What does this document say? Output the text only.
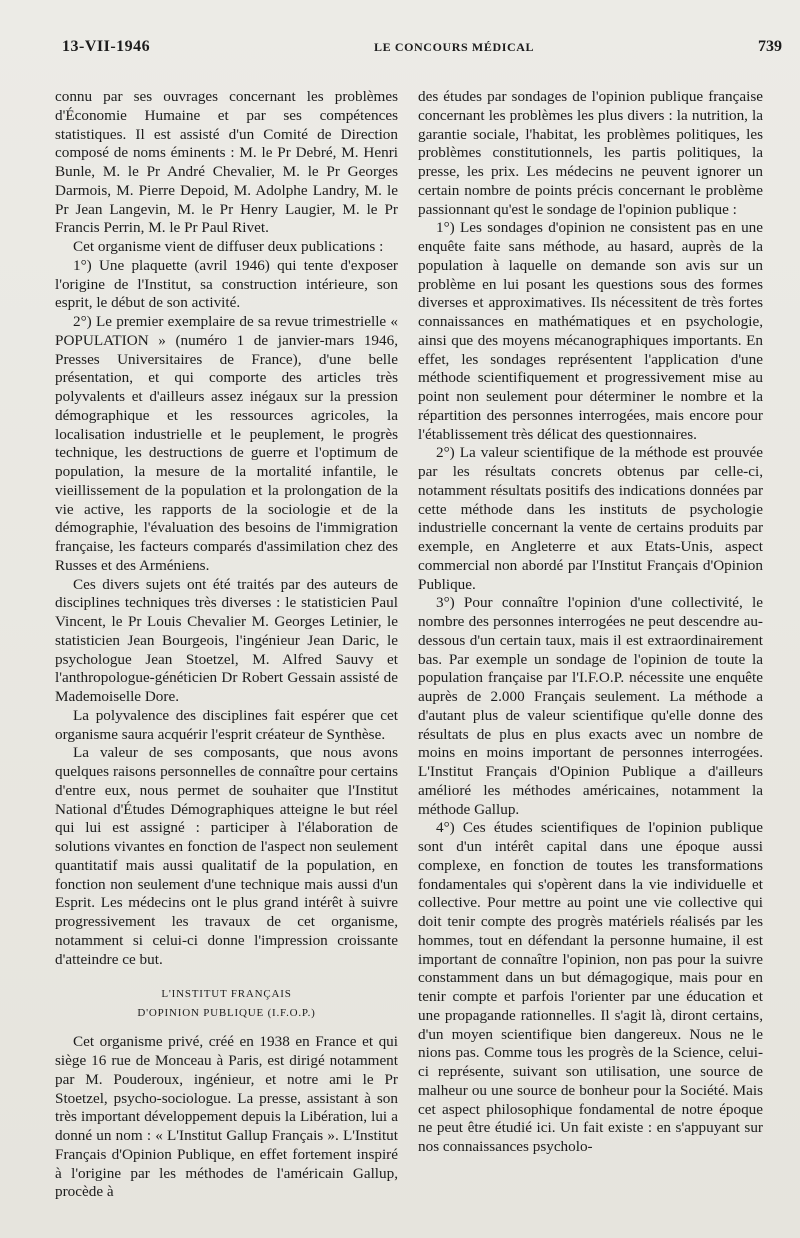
13-VII-1946	LE CONCOURS MÉDICAL	739

connu par ses ouvrages concernant les problèmes d'Économie Humaine et par ses compétences statistiques. Il est assisté d'un Comité de Direction composé de noms éminents : M. le Pr Debré, M. Henri Bunle, M. le Pr André Chevalier, M. le Pr Georges Darmois, M. Pierre Depoid, M. Adolphe Landry, M. le Pr Jean Langevin, M. le Pr Henry Laugier, M. le Pr Francis Perrin, M. le Pr Paul Rivet.

Cet organisme vient de diffuser deux publications :

1°) Une plaquette (avril 1946) qui tente d'exposer l'origine de l'Institut, sa construction intérieure, son esprit, le début de son activité.

2°) Le premier exemplaire de sa revue trimestrielle « POPULATION » (numéro 1 de janvier-mars 1946, Presses Universitaires de France), d'une belle présentation, et qui comporte des articles très polyvalents et d'ailleurs assez inégaux sur la pression démographique et les ressources agricoles, la localisation industrielle et le peuplement, le progrès technique, les destructions de guerre et l'optimum de population, la mesure de la mortalité infantile, le vieillissement de la population et la prolongation de la vie active, les rapports de la sociologie et de la démographie, l'évaluation des besoins de l'immigration française, les facteurs comparés d'assimilation chez des Russes et des Arméniens.

Ces divers sujets ont été traités par des auteurs de disciplines techniques très diverses : le statisticien Paul Vincent, le Pr Louis Chevalier M. Georges Letinier, le statisticien Jean Bourgeois, l'ingénieur Jean Daric, le psychologue Jean Stoetzel, M. Alfred Sauvy et l'anthropologue-généticien Dr Robert Gessain assisté de Mademoiselle Dore.

La polyvalence des disciplines fait espérer que cet organisme saura acquérir l'esprit créateur de Synthèse.

La valeur de ses composants, que nous avons quelques raisons personnelles de connaître pour certains d'entre eux, nous permet de souhaiter que l'Institut National d'Études Démographiques atteigne le but réel qui lui est assigné : participer à l'élaboration de solutions vivantes en fonction de l'aspect non seulement quantitatif mais aussi qualitatif de la population, en fonction non seulement d'une technique mais aussi d'un Esprit. Les médecins ont le plus grand intérêt à suivre progressivement les travaux de cet organisme, notamment si celui-ci donne l'impression croissante d'atteindre ce but.

L'INSTITUT FRANÇAIS
D'OPINION PUBLIQUE (I.F.O.P.)

Cet organisme privé, créé en 1938 en France et qui siège 16 rue de Monceau à Paris, est dirigé notamment par M. Pouderoux, ingénieur, et notre ami le Pr Stoetzel, psycho-sociologue. La presse, assistant à son très important développement depuis la Libération, lui a donné un nom : « L'Institut Gallup Français ». L'Institut Français d'Opinion Publique, en effet fortement inspiré à l'origine par les méthodes de l'américain Gallup, procède à

des études par sondages de l'opinion publique française concernant les problèmes les plus divers : la nutrition, la garantie sociale, l'habitat, les problèmes politiques, les problèmes constitutionnels, les partis politiques, la presse, les prix. Les médecins ne peuvent ignorer un certain nombre de points précis concernant le problème passionnant qu'est le sondage de l'opinion publique :

1°) Les sondages d'opinion ne consistent pas en une enquête faite sans méthode, au hasard, auprès de la population à laquelle on demande son avis sur un problème en lui posant les questions sous des formes diverses et approximatives. Ils nécessitent de très fortes connaissances en mathématiques et en psychologie, ainsi que des moyens mécanographiques importants. En effet, les sondages représentent l'application d'une méthode scientifiquement et progressivement mise au point non seulement pour déterminer le nombre et la répartition des personnes interrogées, mais encore pour l'établissement très délicat des questionnaires.

2°) La valeur scientifique de la méthode est prouvée par les résultats concrets obtenus par celle-ci, notamment résultats positifs des indications données par cette méthode dans les instituts de psychologie industrielle concernant la vente de certains produits par exemple, en Angleterre et aux Etats-Unis, aspect commercial non abordé par l'Institut Français d'Opinion Publique.

3°) Pour connaître l'opinion d'une collectivité, le nombre des personnes interrogées ne peut descendre au-dessous d'un certain taux, mais il est extraordinairement bas. Par exemple un sondage de l'opinion de toute la population française par l'I.F.O.P. nécessite une enquête auprès de 2.000 Français seulement. La méthode a d'autant plus de valeur scientifique qu'elle donne des résultats de plus en plus exacts avec un nombre de moins en moins important de personnes interrogées. L'Institut Français d'Opinion Publique a d'ailleurs amélioré les méthodes américaines, notamment la méthode Gallup.

4°) Ces études scientifiques de l'opinion publique sont d'un intérêt capital dans une époque aussi complexe, en fonction de toutes les transformations fondamentales qui s'opèrent dans la vie individuelle et collective. Pour mettre au point une vie collective qui doit tenir compte des progrès matériels réalisés par les hommes, tout en défendant la personne humaine, il est important de connaître l'opinion, non pas pour la suivre constamment dans un but démagogique, mais pour en tenir compte et parfois l'orienter par une éducation et une propagande rationnelles. Il s'agit là, diront certains, d'un moyen scientifique bien dangereux. Nous ne le nions pas. Comme tous les progrès de la Science, celui-ci représente, suivant son utilisation, une source de malheur ou une source de bonheur pour la Société. Mais cet aspect philosophique fondamental de notre époque ne peut être étudié ici. Un fait existe : en s'appuyant sur nos connaissances psycholo-
